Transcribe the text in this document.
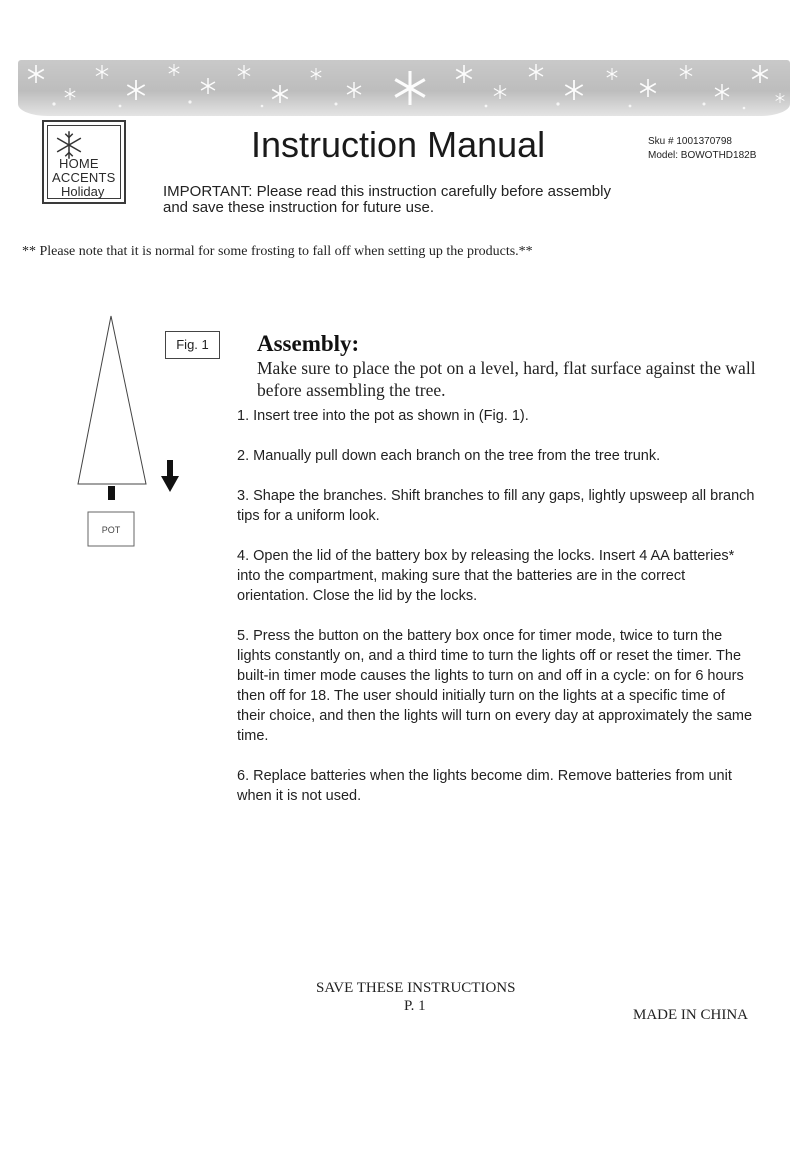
HOME
ACCENTS
Holiday
Instruction Manual	Sku # 1001370798
Model: BOWOTHD182B
IMPORTANT: Please read this instruction carefully before assembly and save these instruction for future use.
** Please note that it is normal for some frosting to fall off when setting up the products.**
POT
Fig. 1	Assembly:
Make sure to place the pot on a level, hard, flat surface against the wall before assembling the tree.

1. Insert tree into the pot as shown in (Fig. 1).

2. Manually pull down each branch on the tree from the tree trunk.

3. Shape the branches. Shift branches to fill any gaps, lightly upsweep all branch tips for a uniform look.

4. Open the lid of the battery box by releasing the locks. Insert 4 AA batteries* into the compartment, making sure that the batteries are in the correct orientation. Close the lid by the locks.

5. Press the button on the battery box once for timer mode, twice to turn the lights constantly on, and a third time to turn the lights off or reset the timer. The built-in timer mode causes the lights to turn on and off in a cycle: on for 6 hours then off for 18. The user should initially turn on the lights at a specific time of their choice, and then the lights will turn on every day at approximately the same time.

6. Replace batteries when the lights become dim. Remove batteries from unit when it is not used.

SAVE THESE INSTRUCTIONS
P. 1
MADE IN CHINA
